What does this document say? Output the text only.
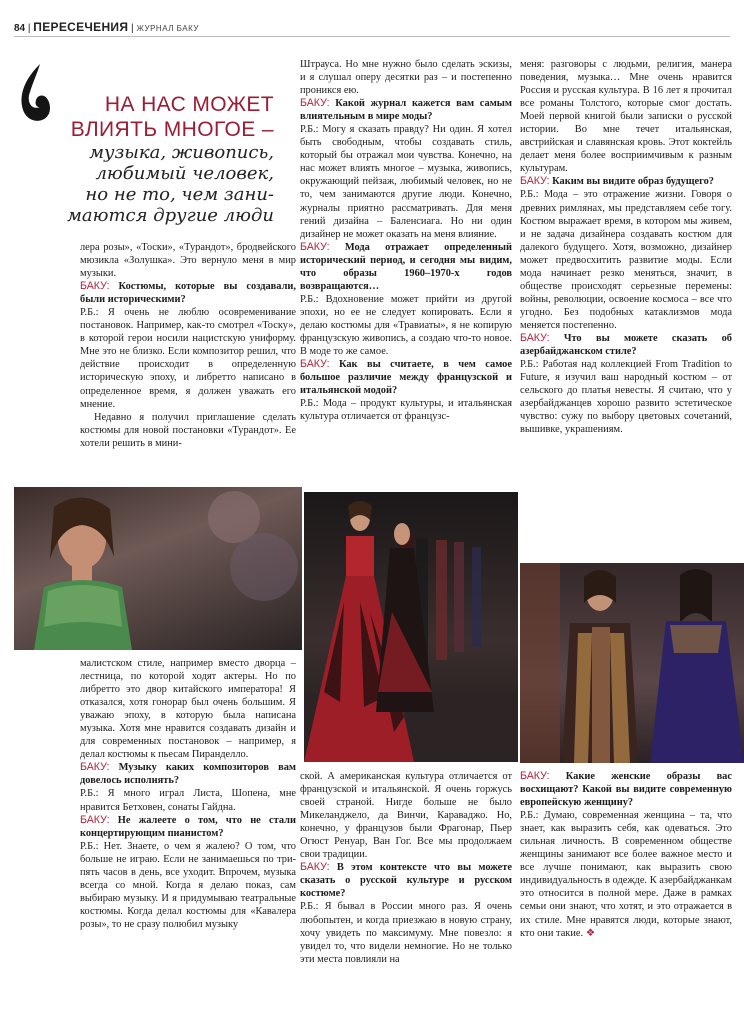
84 | ПЕРЕСЕЧЕНИЯ | ЖУРНАЛ БАКУ
НА НАС МОЖЕТ
ВЛИЯТЬ МНОГОЕ –
музыка, живопись,
любимый человек,
но не то, чем зани-
маются другие люди

лера розы», «Тоски», «Турандот», бродвейского мюзикла «Золушка». Это вернуло меня в мир музыки.

БАКУ: Костюмы, которые вы создавали, были историческими?

Р.Б.: Я очень не люблю осовремениваниe постановок. Например, как-то смотрел «Тоску», в которой герои носили нацистскую униформу. Мне это не близко. Если композитор решил, что действие происходит в определенную историческую эпоху, и либретто написано в определенное время, я должен уважать его мнение.

Недавно я получил приглашение сделать костюмы для новой постановки «Турандот». Ее хотели решить в мини-

Штрауса. Но мне нужно было сделать эскизы, и я слушал оперу десятки раз – и постепенно проникся ею.

БАКУ: Какой журнал кажется вам самым влиятельным в мире моды?

Р.Б.: Могу я сказать правду? Ни один. Я хотел быть свободным, чтобы создавать стиль, который бы отражал мои чувства. Конечно, на нас может влиять многое – музыка, живопись, окружающий пейзаж, любимый человек, но не то, чем занимаются другие люди. Конечно, журналы приятно рассматривать. Для меня гений дизайна – Баленсиага. Но ни один дизайнер не может оказать на меня влияние.

БАКУ: Мода отражает определенный исторический период, и сегодня мы видим, что образы 1960–1970-х годов возвращаются…

Р.Б.: Вдохновение может прийти из другой эпохи, но ее не следует копировать. Если я делаю костюмы для «Травиаты», я не копирую французскую живопись, а создаю что-то новое. В моде то же самое.

БАКУ: Как вы считаете, в чем самое большое различие между французской и итальянской модой?

Р.Б.: Мода – продукт культуры, и итальянская культура отличается от французс-

меня: разговоры с людьми, религия, манера поведения, музыка… Мне очень нравится Россия и русская культура. В 16 лет я прочитал все романы Толстого, которые смог достать. Моей первой книгой были записки о русской истории. Во мне течет итальянская, австрийская и славянская кровь. Этот коктейль делает меня более восприимчивым к разным культурам.

БАКУ: Каким вы видите образ будущего?

Р.Б.: Мода – это отражение жизни. Говоря о древних римлянах, мы представляем себе тогу. Костюм выражает время, в котором мы живем, и не задача дизайнера создавать костюм для далекого будущего. Хотя, возможно, дизайнер может предвосхитить развитие моды. Если мода начинает резко меняться, значит, в обществе происходят серьезные перемены: войны, революции, освоение космоса – все что угодно. Без подобных катаклизмов мода меняется постепенно.

БАКУ: Что вы можете сказать об азербайджанском стиле?

Р.Б.: Работая над коллекцией From Tradition to Future, я изучил ваш народный костюм – от сельского до платья невесты. Я считаю, что у азербайджанцев хорошо развито эстетическое чувство: сужу по выбору цветовых сочетаний, вышивке, украшениям.

малистском стиле, например вместо дворца – лестница, по которой ходят актеры. Но по либретто это двор китайского императора! Я отказался, хотя гонорар был очень большим. Я уважаю эпоху, в которую была написана музыка. Хотя мне нравится создавать дизайн и для современных постановок – например, я делал костюмы к пьесам Пиранделло.

БАКУ: Музыку каких композиторов вам довелось исполнять?

Р.Б.: Я много играл Листа, Шопена, мне нравится Бетховен, сонаты Гайдна.

БАКУ: Не жалеете о том, что не стали концертирующим пианистом?

Р.Б.: Нет. Знаете, о чем я жалею? О том, что больше не играю. Если не занимаешься по три-пять часов в день, все уходит. Впрочем, музыка всегда со мной. Когда я делаю показ, сам выбираю музыку. И я придумываю театральные костюмы. Когда делал костюмы для «Кавалера розы», то не сразу полюбил музыку

ской. А американская культура отличается от французской и итальянской. Я очень горжусь своей страной. Нигде больше не было Микеланджело, да Винчи, Караваджо. Но, конечно, у французов были Фрагонар, Пьер Огюст Ренуар, Ван Гог. Все мы продолжаем свои традиции.

БАКУ: В этом контексте что вы можете сказать о русской культуре и русском костюме?

Р.Б.: Я бывал в России много раз. Я очень любопытен, и когда приезжаю в новую страну, хочу увидеть по максимуму. Мне повезло: я увидел то, что видели немногие. Но не только эти места повлияли на

БАКУ: Какие женские образы вас восхищают? Какой вы видите современную европейскую женщину?

Р.Б.: Думаю, современная женщина – та, что знает, как выразить себя, как одеваться. Это сильная личность. В современном обществе женщины занимают все более важное место и все лучше понимают, как выразить свою индивидуальность в одежде. К азербайджанкам это относится в полной мере. Даже в рамках семьи они знают, что хотят, и это отражается в их стиле. Мне нравятся люди, которые знают, кто они такие. ❖
